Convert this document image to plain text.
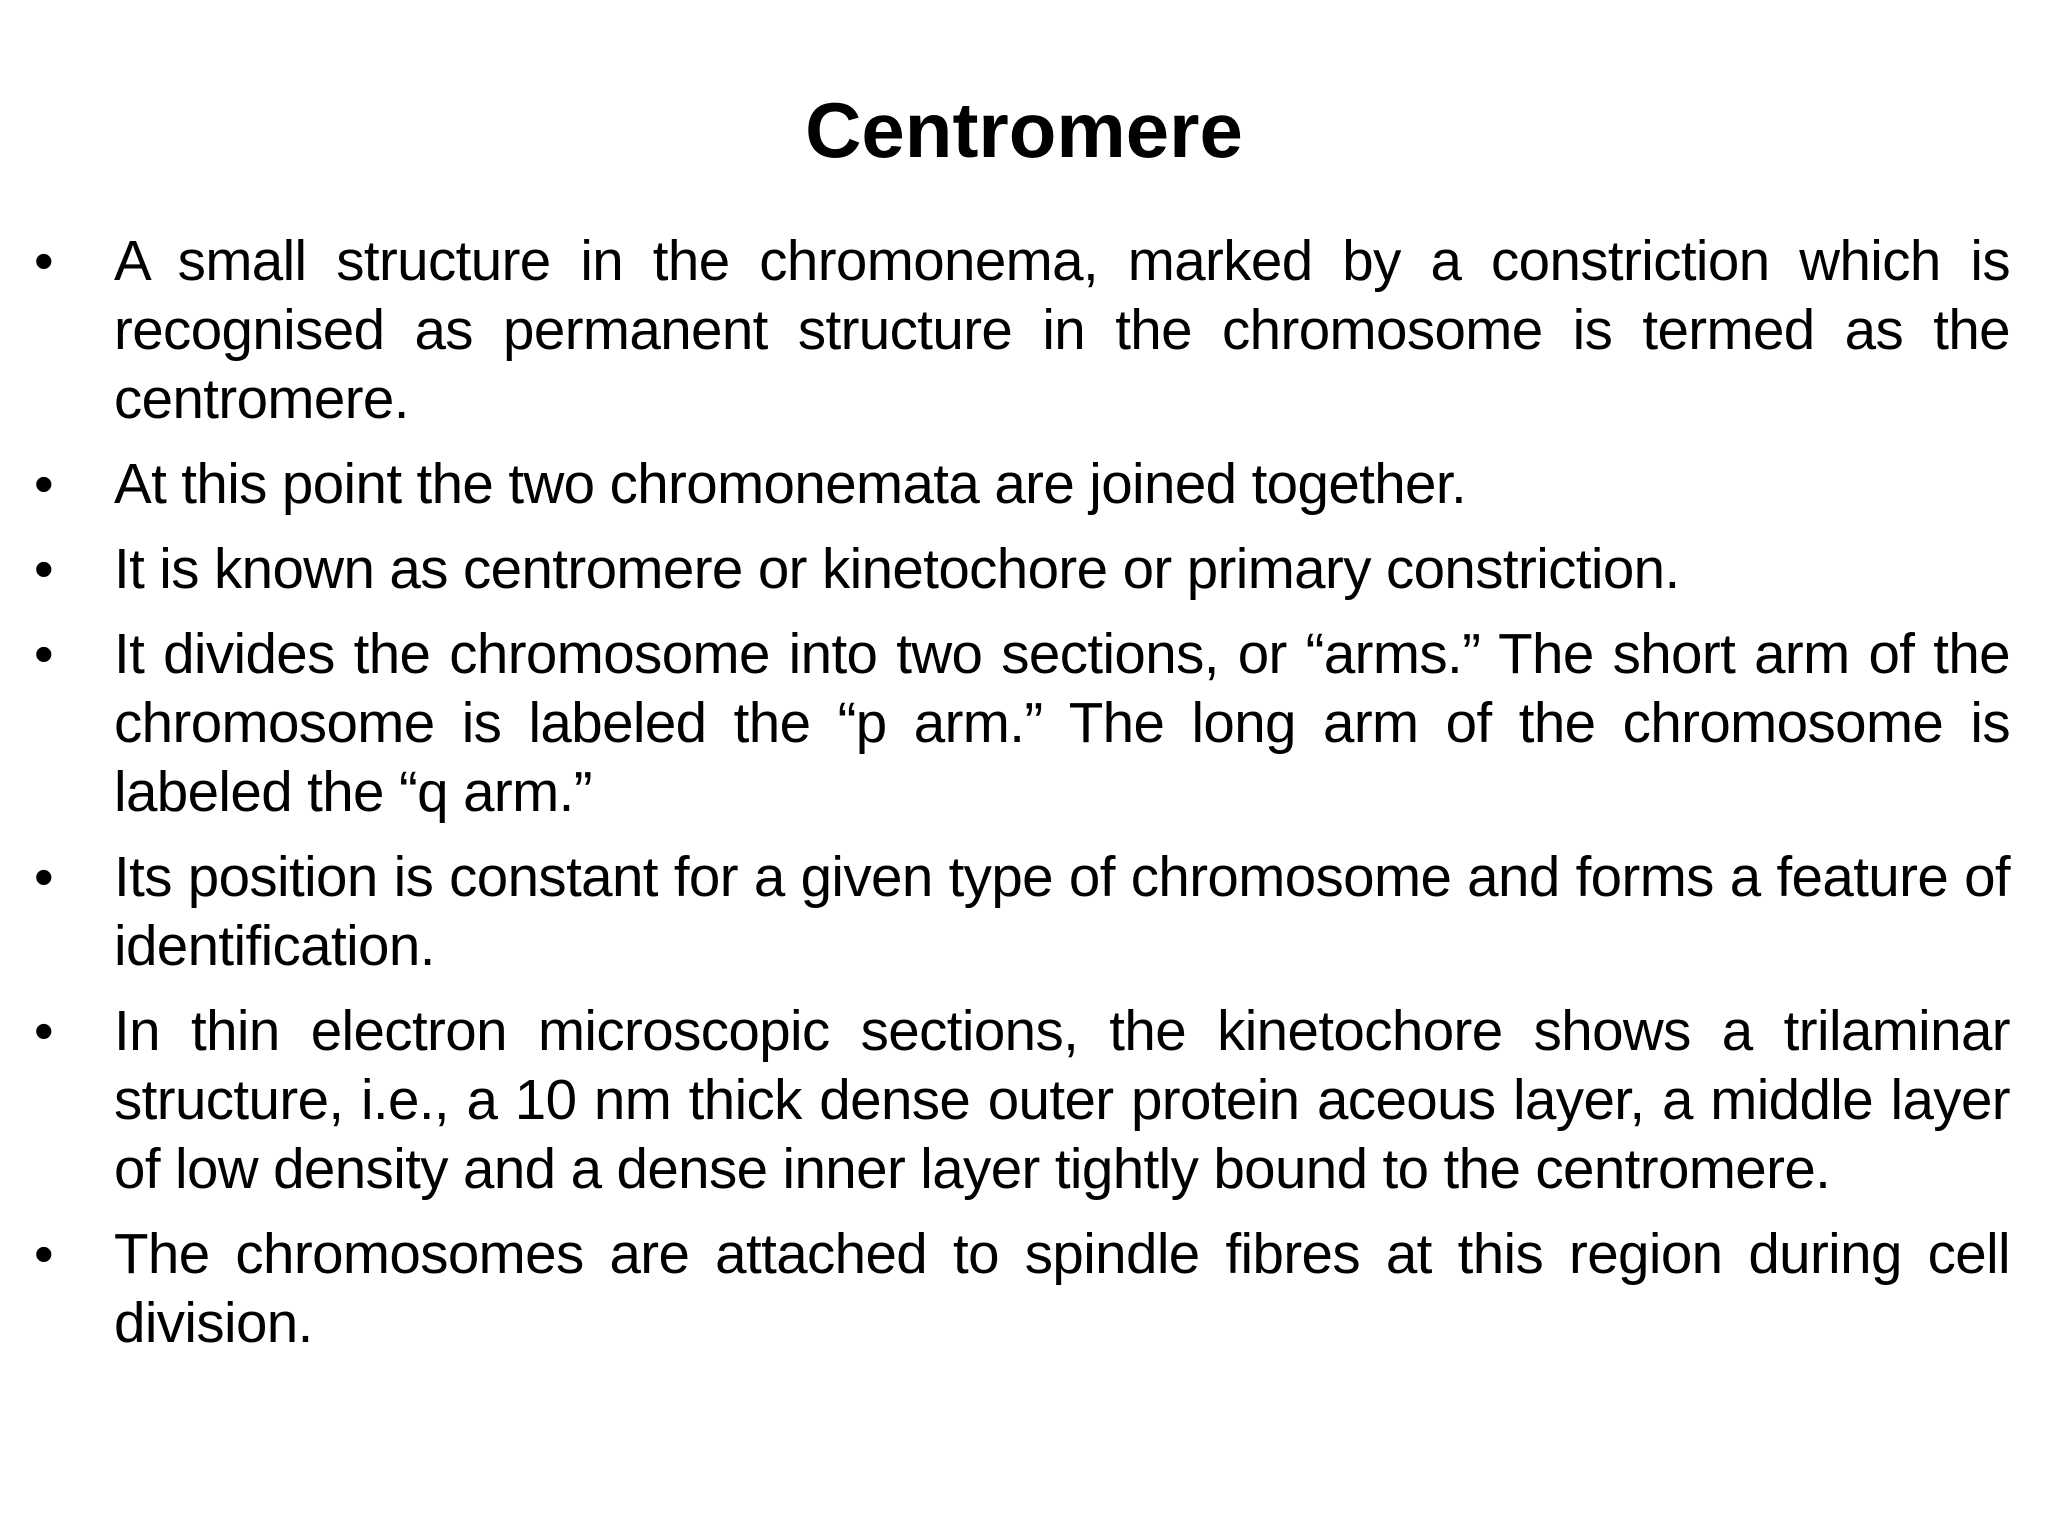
Centromere
• A small structure in the chromonema, marked by a constriction which is recognised as permanent structure in the chromosome is termed as the centromere.
• At this point the two chromonemata are joined together.
• It is known as centromere or kinetochore or primary constriction.
• It divides the chromosome into two sections, or “arms.” The short arm of the chromosome is labeled the “p arm.” The long arm of the chromosome is labeled the “q arm.”
• Its position is constant for a given type of chromosome and forms a feature of identification.
• In thin electron microscopic sections, the kinetochore shows a trilaminar structure, i.e., a 10 nm thick dense outer protein aceous layer, a middle layer of low density and a dense inner layer tightly bound to the centromere.
• The chromosomes are attached to spindle fibres at this region during cell division.
